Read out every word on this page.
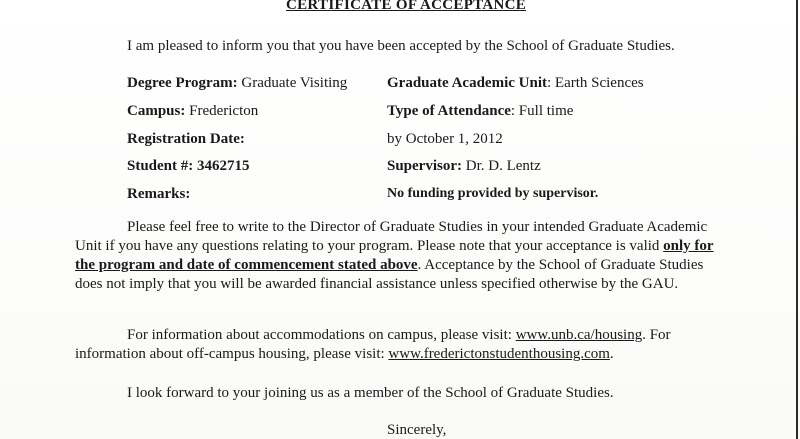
CERTIFICATE OF ACCEPTANCE
I am pleased to inform you that you have been accepted by the School of Graduate Studies.
Degree Program: Graduate Visiting	Graduate Academic Unit: Earth Sciences
Campus: Fredericton	Type of Attendance: Full time
Registration Date:	by October 1, 2012
Student #: 3462715	Supervisor: Dr. D. Lentz
Remarks:	No funding provided by supervisor.
Please feel free to write to the Director of Graduate Studies in your intended Graduate Academic Unit if you have any questions relating to your program. Please note that your acceptance is valid only for the program and date of commencement stated above. Acceptance by the School of Graduate Studies does not imply that you will be awarded financial assistance unless specified otherwise by the GAU.
For information about accommodations on campus, please visit: www.unb.ca/housing. For information about off-campus housing, please visit: www.frederictonstudenthousing.com.
I look forward to your joining us as a member of the School of Graduate Studies.
Sincerely,
